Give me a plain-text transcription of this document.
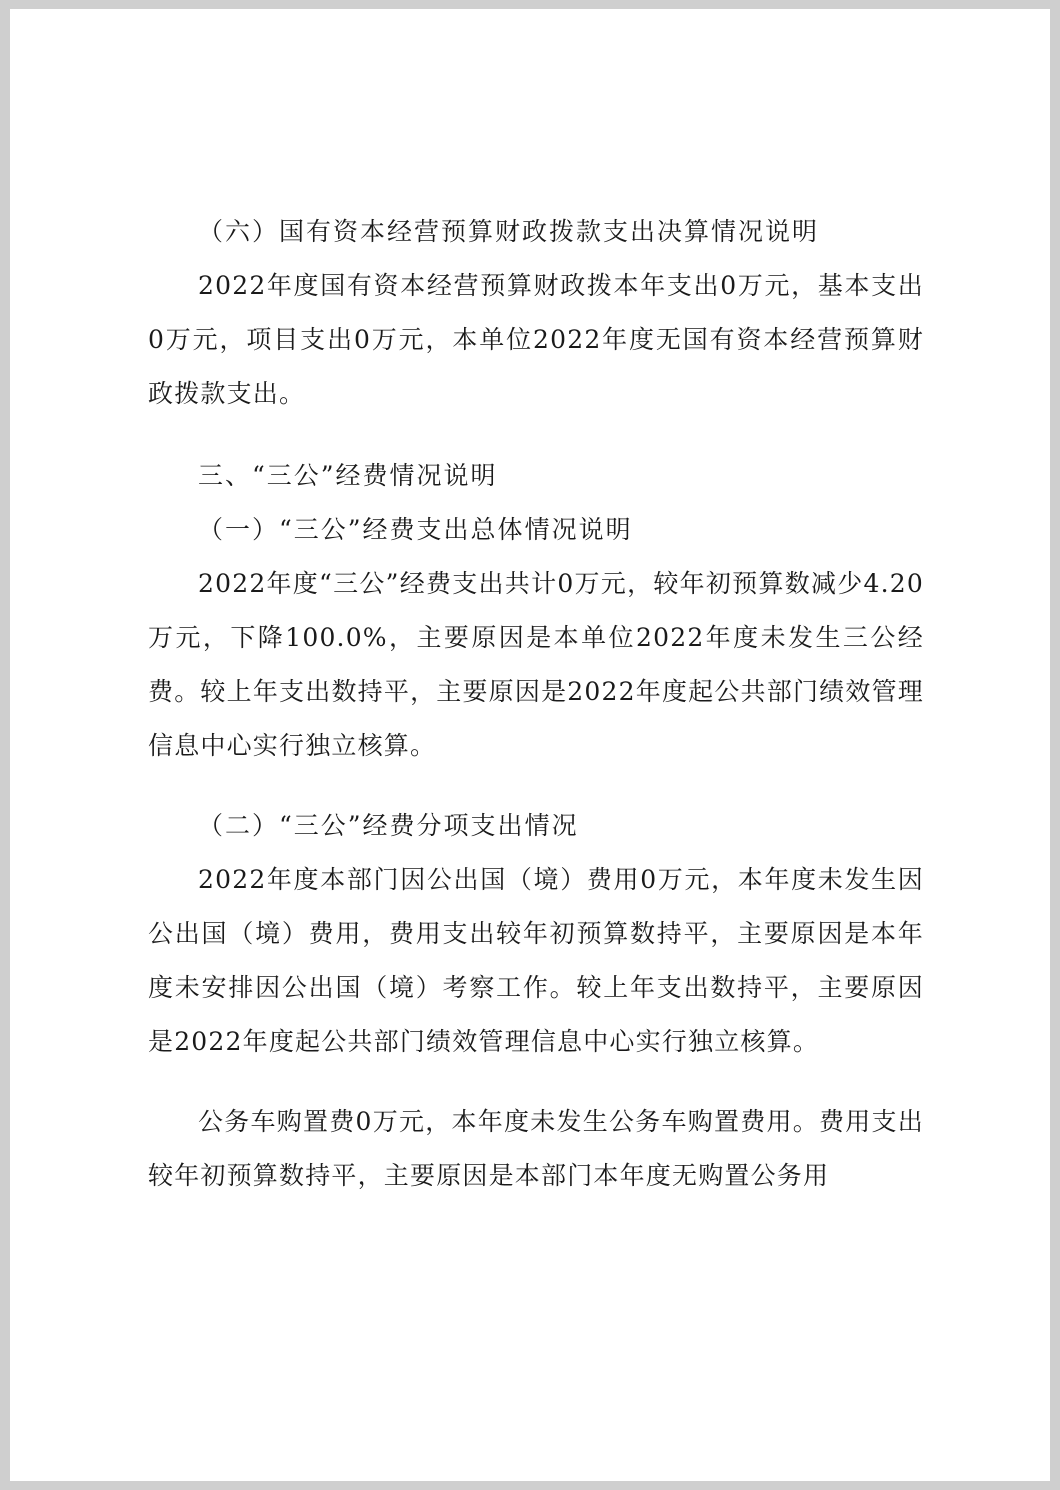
（六）国有资本经营预算财政拨款支出决算情况说明

2022年度国有资本经营预算财政拨本年支出0万元，基本支出0万元，项目支出0万元，本单位2022年度无国有资本经营预算财政拨款支出。

三、“三公”经费情况说明

（一）“三公”经费支出总体情况说明

2022年度“三公”经费支出共计0万元，较年初预算数减少4.20万元，下降100.0%，主要原因是本单位2022年度未发生三公经费。较上年支出数持平，主要原因是2022年度起公共部门绩效管理信息中心实行独立核算。

（二）“三公”经费分项支出情况

2022年度本部门因公出国（境）费用0万元，本年度未发生因公出国（境）费用，费用支出较年初预算数持平，主要原因是本年度未安排因公出国（境）考察工作。较上年支出数持平，主要原因是2022年度起公共部门绩效管理信息中心实行独立核算。

公务车购置费0万元，本年度未发生公务车购置费用。费用支出较年初预算数持平，主要原因是本部门本年度无购置公务用
